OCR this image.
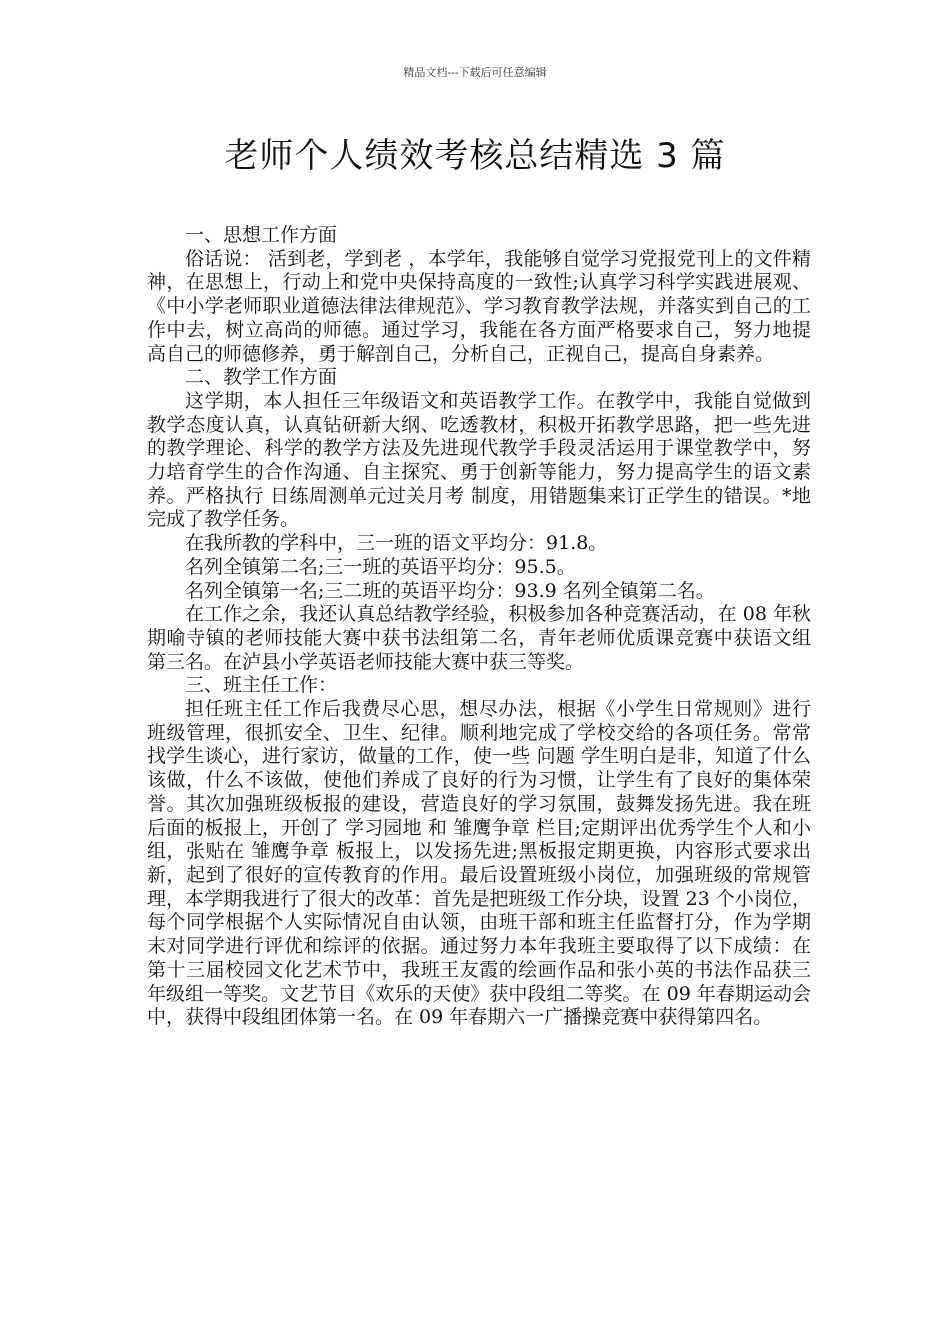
精品文档---下载后可任意编辑
老师个人绩效考核总结精选 3 篇

一、思想工作方面

俗话说： 活到老，学到老 ，本学年，我能够自觉学习党报党刊上的文件精神，在思想上，行动上和党中央保持高度的一致性;认真学习科学实践进展观、《中小学老师职业道德法律法律规范》、学习教育教学法规，并落实到自己的工作中去，树立高尚的师德。通过学习，我能在各方面严格要求自己，努力地提高自己的师德修养，勇于解剖自己，分析自己，正视自己，提高自身素养。

二、教学工作方面

这学期，本人担任三年级语文和英语教学工作。在教学中，我能自觉做到教学态度认真，认真钻研新大纲、吃透教材，积极开拓教学思路，把一些先进的教学理论、科学的教学方法及先进现代教学手段灵活运用于课堂教学中，努力培育学生的合作沟通、自主探究、勇于创新等能力，努力提高学生的语文素养。严格执行 日练周测单元过关月考 制度，用错题集来订正学生的错误。*地完成了教学任务。

在我所教的学科中，三一班的语文平均分：91.8。

名列全镇第二名;三一班的英语平均分：95.5。

名列全镇第一名;三二班的英语平均分：93.9 名列全镇第二名。

在工作之余，我还认真总结教学经验，积极参加各种竞赛活动，在 08 年秋期喻寺镇的老师技能大赛中获书法组第二名，青年老师优质课竞赛中获语文组第三名。在泸县小学英语老师技能大赛中获三等奖。

三、班主任工作：

担任班主任工作后我费尽心思，想尽办法，根据《小学生日常规则》进行班级管理，很抓安全、卫生、纪律。顺利地完成了学校交给的各项任务。常常找学生谈心，进行家访，做量的工作，使一些 问题 学生明白是非，知道了什么该做，什么不该做，使他们养成了良好的行为习惯，让学生有了良好的集体荣誉。其次加强班级板报的建设，营造良好的学习氛围，鼓舞发扬先进。我在班后面的板报上，开创了 学习园地 和 雏鹰争章 栏目;定期评出优秀学生个人和小组，张贴在 雏鹰争章 板报上，以发扬先进;黑板报定期更换，内容形式要求出新，起到了很好的宣传教育的作用。最后设置班级小岗位，加强班级的常规管理，本学期我进行了很大的改革：首先是把班级工作分块，设置 23 个小岗位，每个同学根据个人实际情况自由认领，由班干部和班主任监督打分，作为学期末对同学进行评优和综评的依据。通过努力本年我班主要取得了以下成绩：在第十三届校园文化艺术节中，我班王友霞的绘画作品和张小英的书法作品获三年级组一等奖。文艺节目《欢乐的天使》获中段组二等奖。在 09 年春期运动会中，获得中段组团体第一名。在 09 年春期六一广播操竞赛中获得第四名。
